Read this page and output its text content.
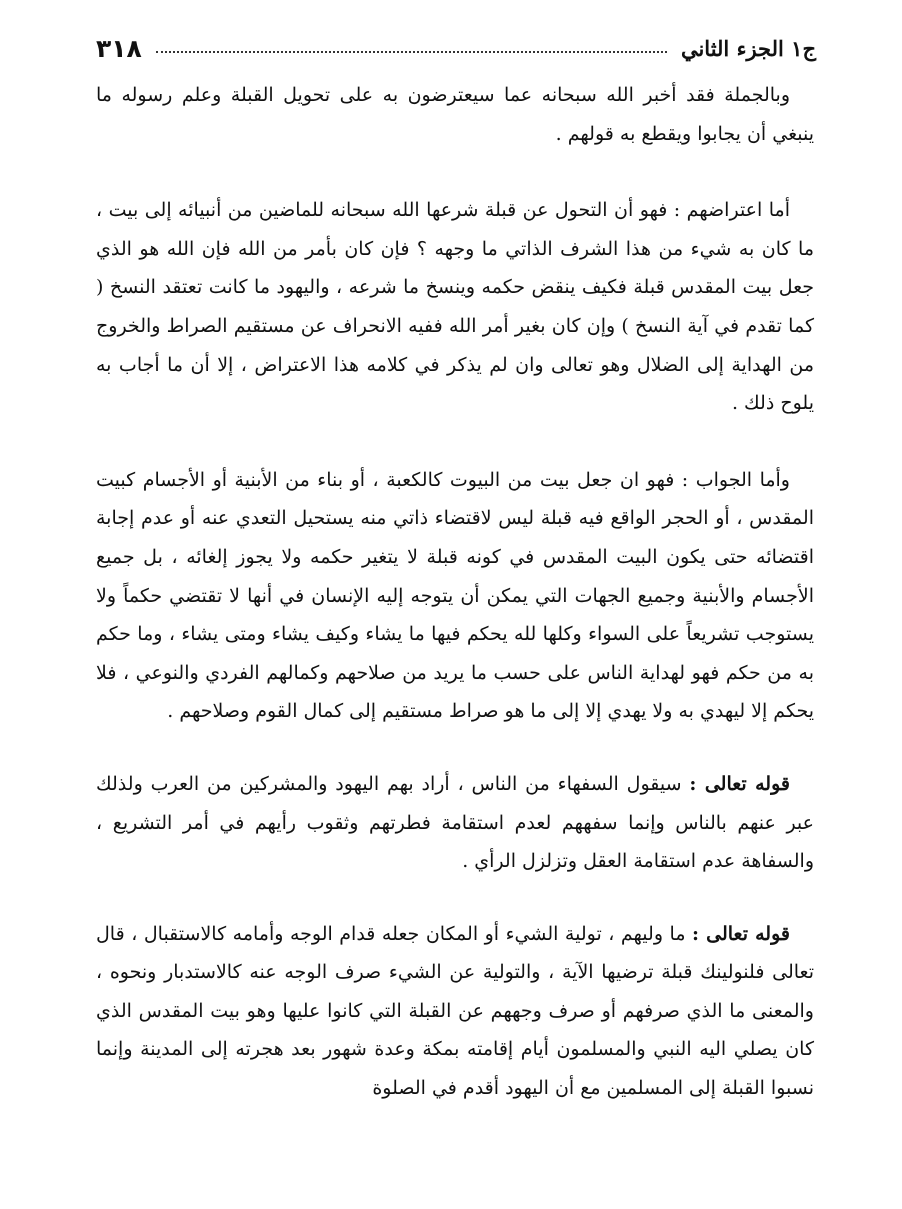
ج١ الجزء الثاني
٣١٨

وبالجملة فقد أخبر الله سبحانه عما سيعترضون به على تحويل القبلة وعلم رسوله ما ينبغي أن يجابوا ويقطع به قولهم .

أما اعتراضهم : فهو أن التحول عن قبلة شرعها الله سبحانه للماضين من أنبيائه إلى بيت ، ما كان به شيء من هذا الشرف الذاتي ما وجهه ؟ فإن كان بأمر من الله فإن الله هو الذي جعل بيت المقدس قبلة فكيف ينقض حكمه وينسخ ما شرعه ، واليهود ما كانت تعتقد النسخ ( كما تقدم في آية النسخ ) وإن كان بغير أمر الله ففيه الانحراف عن مستقيم الصراط والخروج من الهداية إلى الضلال وهو تعالى وان لم يذكر في كلامه هذا الاعتراض ، إلا أن ما أجاب به يلوح ذلك .

وأما الجواب : فهو ان جعل بيت من البيوت كالكعبة ، أو بناء من الأبنية أو الأجسام كبيت المقدس ، أو الحجر الواقع فيه قبلة ليس لاقتضاء ذاتي منه يستحيل التعدي عنه أو عدم إجابة اقتضائه حتى يكون البيت المقدس في كونه قبلة لا يتغير حكمه ولا يجوز إلغائه ، بل جميع الأجسام والأبنية وجميع الجهات التي يمكن أن يتوجه إليه الإنسان في أنها لا تقتضي حكماً ولا يستوجب تشريعاً على السواء وكلها لله يحكم فيها ما يشاء وكيف يشاء ومتى يشاء ، وما حكم به من حكم فهو لهداية الناس على حسب ما يريد من صلاحهم وكمالهم الفردي والنوعي ، فلا يحكم إلا ليهدي به ولا يهدي إلا إلى ما هو صراط مستقيم إلى كمال القوم وصلاحهم .

قوله تعالى : سيقول السفهاء من الناس ، أراد بهم اليهود والمشركين من العرب ولذلك عبر عنهم بالناس وإنما سفههم لعدم استقامة فطرتهم وثقوب رأيهم في أمر التشريع ، والسفاهة عدم استقامة العقل وتزلزل الرأي .

قوله تعالى : ما وليهم ، تولية الشيء أو المكان جعله قدام الوجه وأمامه كالاستقبال ، قال تعالى فلنولينك قبلة ترضيها الآية ، والتولية عن الشيء صرف الوجه عنه كالاستدبار ونحوه ، والمعنى ما الذي صرفهم أو صرف وجههم عن القبلة التي كانوا عليها وهو بيت المقدس الذي كان يصلي اليه النبي والمسلمون أيام إقامته بمكة وعدة شهور بعد هجرته إلى المدينة وإنما نسبوا القبلة إلى المسلمين مع أن اليهود أقدم في الصلوة
